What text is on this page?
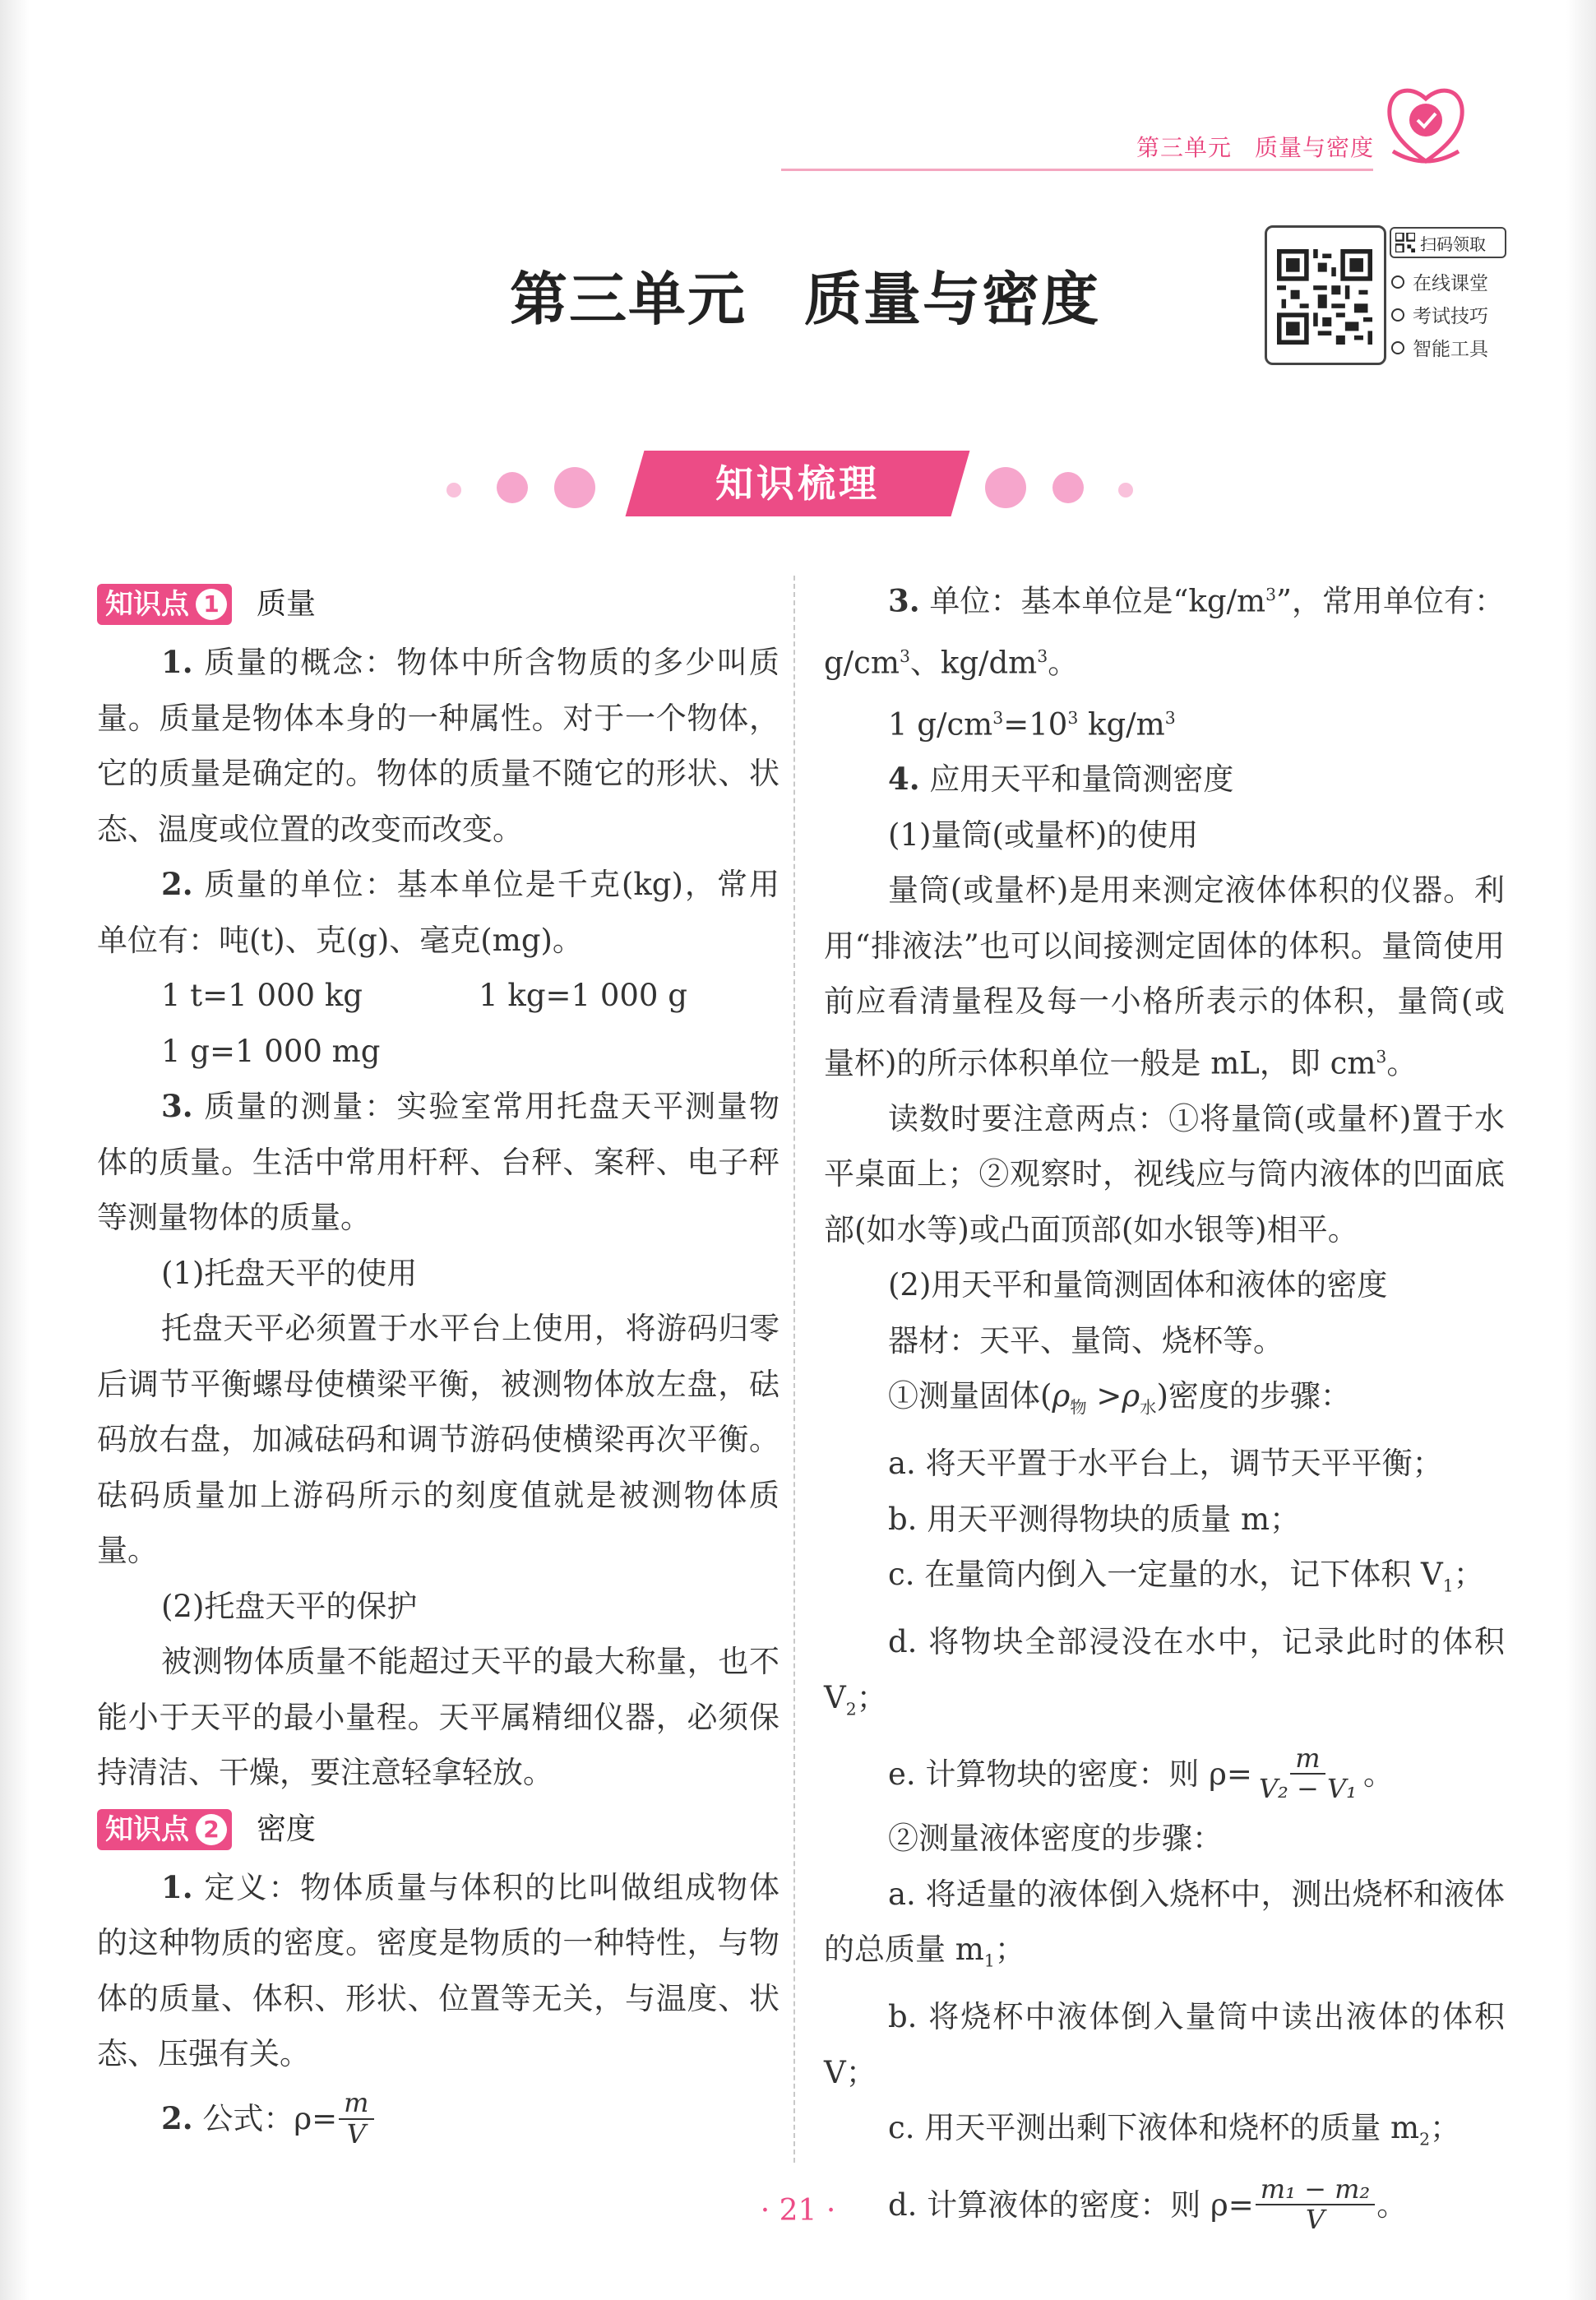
第三单元 质量与密度
第三单元 质量与密度
扫码领取
在线课堂
考试技巧
智能工具
知识梳理
知识点 1 质量

1. 质量的概念：物体中所含物质的多少叫质量。质量是物体本身的一种属性。对于一个物体，它的质量是确定的。物体的质量不随它的形状、状态、温度或位置的改变而改变。

2. 质量的单位：基本单位是千克(kg)，常用单位有：吨(t)、克(g)、毫克(mg)。

1 t=1 000 kg	1 kg=1 000 g

1 g=1 000 mg

3. 质量的测量：实验室常用托盘天平测量物体的质量。生活中常用杆秤、台秤、案秤、电子秤等测量物体的质量。

(1)托盘天平的使用

托盘天平必须置于水平台上使用，将游码归零后调节平衡螺母使横梁平衡，被测物体放左盘，砝码放右盘，加减砝码和调节游码使横梁再次平衡。砝码质量加上游码所示的刻度值就是被测物体质量。

(2)托盘天平的保护

被测物体质量不能超过天平的最大称量，也不能小于天平的最小量程。天平属精细仪器，必须保持清洁、干燥，要注意轻拿轻放。

知识点 2 密度

1. 定义：物体质量与体积的比叫做组成物体的这种物质的密度。密度是物质的一种特性，与物体的质量、体积、形状、位置等无关，与温度、状态、压强有关。

2.
公式：$\rho= \frac{m}{V}$

3. 单位：基本单位是“$kg/m^3$”，常用单位有：$g/cm^3$、$kg/dm^3$。

1 $g/cm^3=10^3$ $kg/m^3$

4. 应用天平和量筒测密度

(1)量筒(或量杯)的使用

量筒(或量杯)是用来测定液体体积的仪器。利用“排液法”也可以间接测定固体的体积。量筒使用前应看清量程及每一小格所表示的体积，量筒(或量杯)的所示体积单位一般是 mL，即 $cm^3$。

读数时要注意两点：①将量筒(或量杯)置于水平桌面上；②观察时，视线应与筒内液体的凹面底部(如水等)或凸面顶部(如水银等)相平。

(2)用天平和量筒测固体和液体的密度

器材：天平、量筒、烧杯等。

①测量固体$(\rho_物 >\rho_水)$密度的步骤：

a. 将天平置于水平台上，调节天平平衡；

b. 用天平测得物块的质量 m；

c. 在量筒内倒入一定量的水，记下体积 $V_1$；

d. 将物块全部浸没在水中，记录此时的体积 $V_2$；

e. 计算物块的密度：则 $\rho= \frac{m}{\text{V₂ − V₁}}$ 。

②测量液体密度的步骤：

a. 将适量的液体倒入烧杯中，测出烧杯和液体的总质量 $m_1$；

b. 将烧杯中液体倒入量筒中读出液体的体积 V；

c. 用天平测出剩下液体和烧杯的质量 $m_2$；

d. 计算液体的密度：则 $\rho= \frac{\text{m₁ − m₂}}{V}$ 。
· 21 ·
